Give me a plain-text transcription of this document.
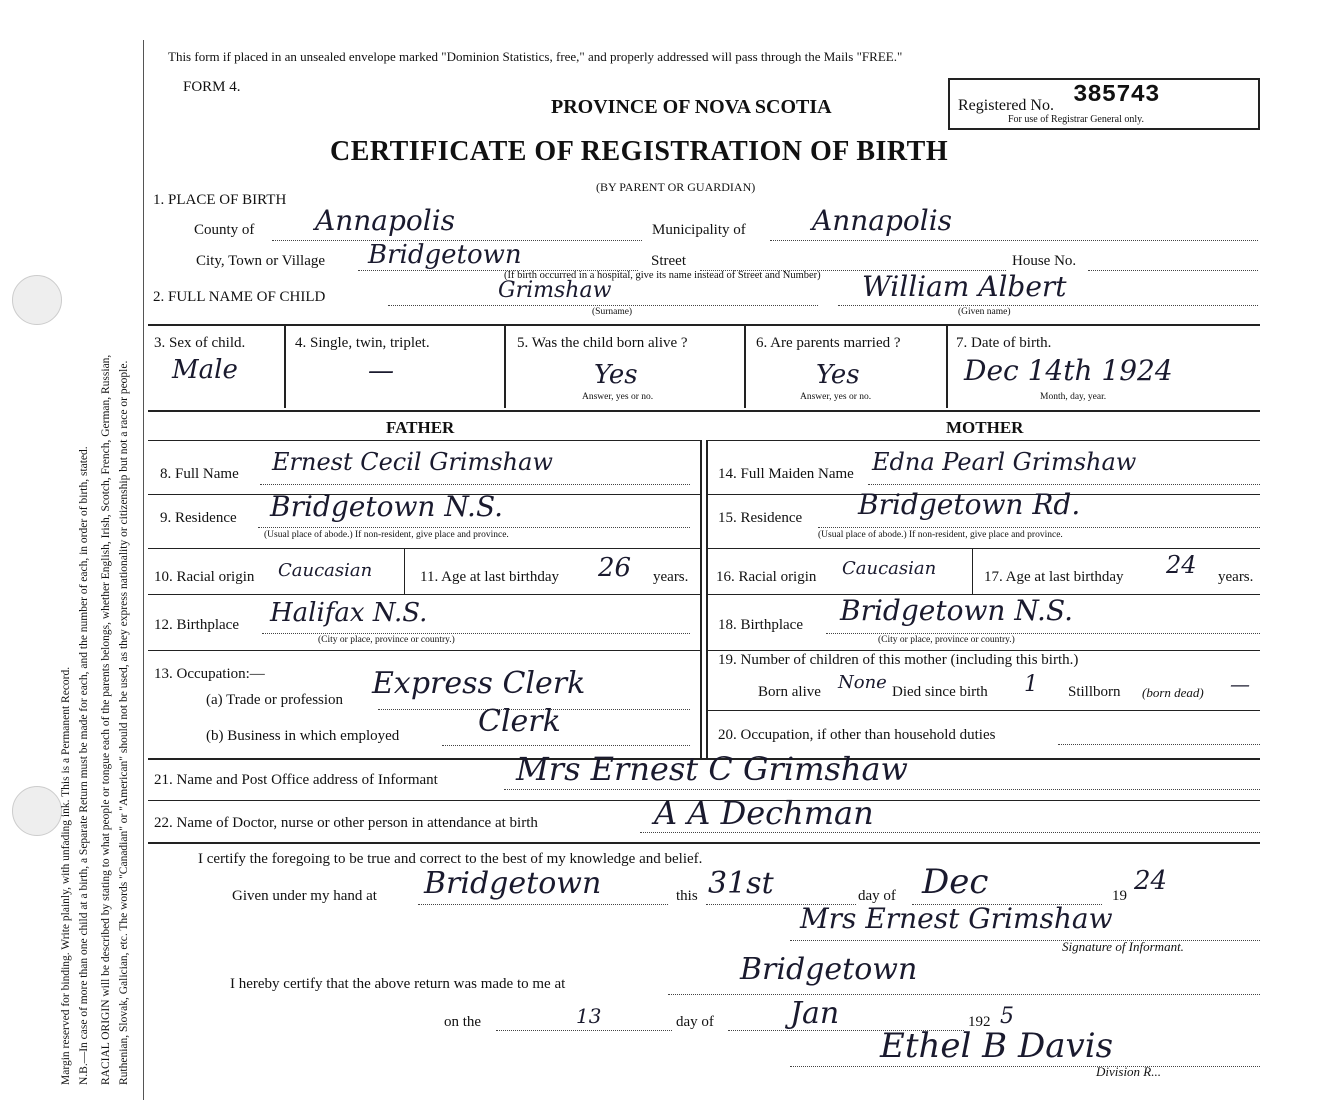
Margin reserved for binding. Write plainly, with unfading ink. This is a Permanent Record. N.B.—In case of more than one child at a birth, a Separate Return must be made for each, and the number of each, in order of birth, stated. RACIAL ORIGIN will be described by stating to what people or tongue each of the parents belongs, whether English, Irish, Scotch, French, German, Russian, Ruthenian, Slovak, Galician, etc. The words "Canadian" or "American" should not be used, as they express nationality or citizenship but not a race or people.
This form if placed in an unsealed envelope marked "Dominion Statistics, free," and properly addressed will pass through the Mails "FREE."
FORM 4.
PROVINCE OF NOVA SCOTIA	Registered No. 385743
For use of Registrar General only.
CERTIFICATE OF REGISTRATION OF BIRTH
(BY PARENT OR GUARDIAN)
1. PLACE OF BIRTH
County of Annapolis	Municipality of Annapolis
City, Town or Village Bridgetown	Street	House No.
(If birth occurred in a hospital, give its name instead of Street and Number)
2. FULL NAME OF CHILD	Grimshaw
(Surname)
William Albert
(Given name)
3. Sex of child.
Male
4. Single, twin, triplet.
—
5. Was the child born alive ?
Yes
Answer, yes or no.
6. Are parents married ?
Yes
Answer, yes or no.
7. Date of birth.
Dec 14th 1924
Month, day, year.
FATHER	MOTHER
8. Full Name Ernest Cecil Grimshaw
9. Residence Bridgetown N.S.
(Usual place of abode.) If non-resident, give place and province.
10. Racial origin Caucasian	11. Age at last birthday 26 years.
12. Birthplace Halifax N.S.
(City or place, province or country.)
13. Occupation:—
(a) Trade or profession Express Clerk
(b) Business in which employed	Clerk
14. Full Maiden Name Edna Pearl Grimshaw
15. Residence Bridgetown Rd.
(Usual place of abode.) If non-resident, give place and province.
16. Racial origin Caucasian	17. Age at last birthday 24 years.
18. Birthplace Bridgetown N.S.
(City or place, province or country.)
19. Number of children of this mother (including this birth.)
Born alive None Died since birth 1 Stillborn (born dead) —
20. Occupation, if other than household duties
21. Name and Post Office address of Informant Mrs Ernest C Grimshaw
22. Name of Doctor, nurse or other person in attendance at birth	A A Dechman
I certify the foregoing to be true and correct to the best of my knowledge and belief.
Given under my hand at Bridgetown	this 31st	day of Dec	19 24
Mrs Ernest Grimshaw
Signature of Informant.
I hereby certify that the above return was made to me at	Bridgetown
on the	13	day of	Jan	192 5
Ethel B Davis
Division R...
